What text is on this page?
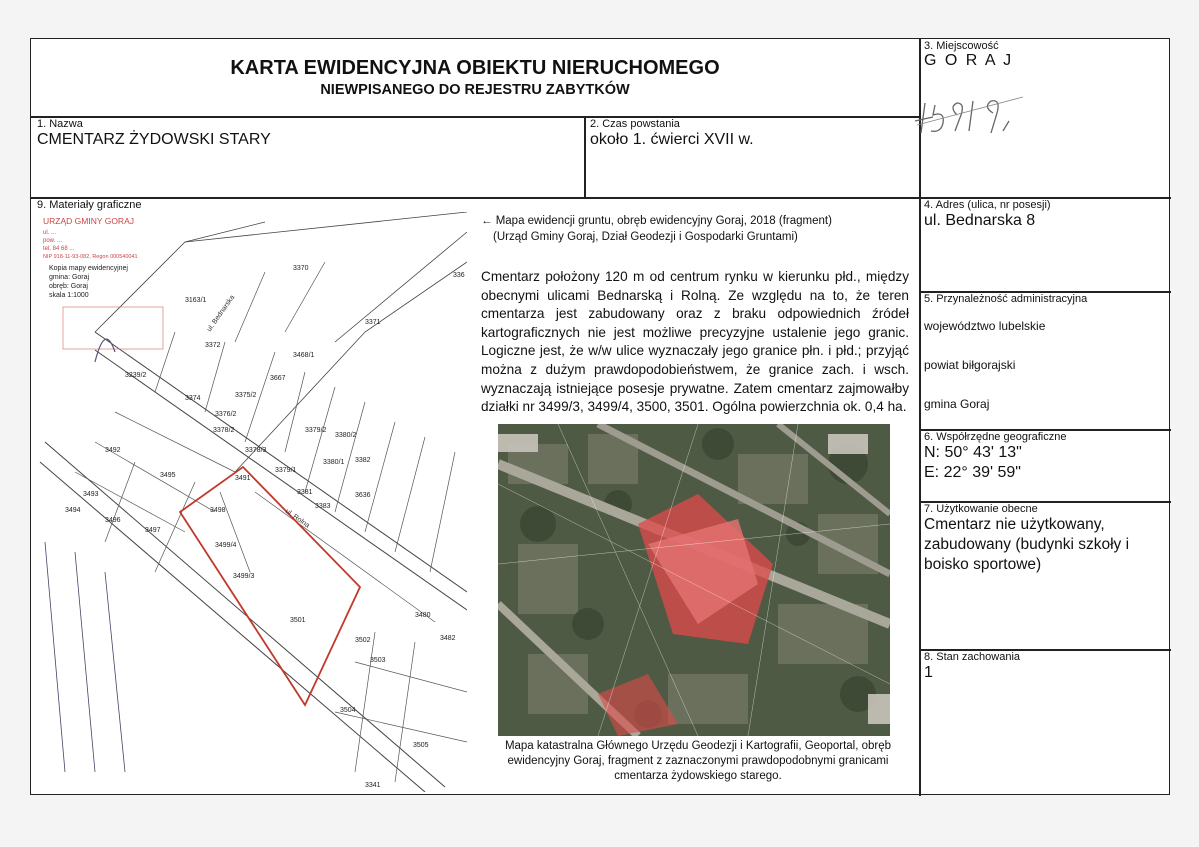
KARTA EWIDENCYJNA OBIEKTU NIERUCHOMEGO
NIEWPISANEGO DO REJESTRU ZABYTKÓW
3. Miejscowość
G O R A J
1. Nazwa
CMENTARZ ŻYDOWSKI STARY
2. Czas powstania
około 1. ćwierci XVII w.
9. Materiały graficzne	4. Adres (ulica, nr posesji)
ul. Bednarska 8
5. Przynależność administracyjna
województwo lubelskie
powiat biłgorajski
gmina Goraj
6. Współrzędne geograficzne
N: 50° 43' 13"
E: 22° 39' 59"
7. Użytkowanie obecne
Cmentarz nie użytkowany,
zabudowany (budynki szkoły i
boisko sportowe)
8. Stan zachowania
1
URZĄD GMINY GORAJ
ul. ...
pow. ...
tel. 84 68 ...
NIP 918-11-93-082, Regon 000540041
Kopia mapy ewidencyjnej
gmina: Goraj
obręb: Goraj
skala 1:1000
3370
3371
3163/1
3372
3468/1
3667
3239/2
3374	3375/2
3376/2
3378/2
3378/3
3379/2
3380/2
3379/1
3380/1 3382
3492
3495	3491
3381
3383
3636
3493
3494
3496
3497
3498
3499/4
3499/3
3501
3480
3502	3482
3503
3504
3505
3341
336
ul. Bednarska
ul. Rolna
← Mapa ewidencji gruntu, obręb ewidencyjny Goraj, 2018 (fragment)
(Urząd Gminy Goraj, Dział Geodezji i Gospodarki Gruntami)
Cmentarz położony 120 m od centrum rynku w kierunku płd., między obecnymi ulicami Bednarską i Rolną. Ze względu na to, że teren cmentarza jest zabudowany oraz z braku odpowiednich źródeł kartograficznych nie jest możliwe precyzyjne ustalenie jego granic. Logiczne jest, że w/w ulice wyznaczały jego granice płn. i płd.; przyjąć można z dużym prawdopodobieństwem, że granice zach. i wsch. wyznaczają istniejące posesje prywatne. Zatem cmentarz zajmowałby działki nr 3499/3, 3499/4, 3500, 3501. Ogólna powierzchnia ok. 0,4 ha.
Mapa katastralna Głównego Urzędu Geodezji i Kartografii, Geoportal, obręb ewidencyjny Goraj, fragment z zaznaczonymi prawdopodobnymi granicami cmentarza żydowskiego starego.
